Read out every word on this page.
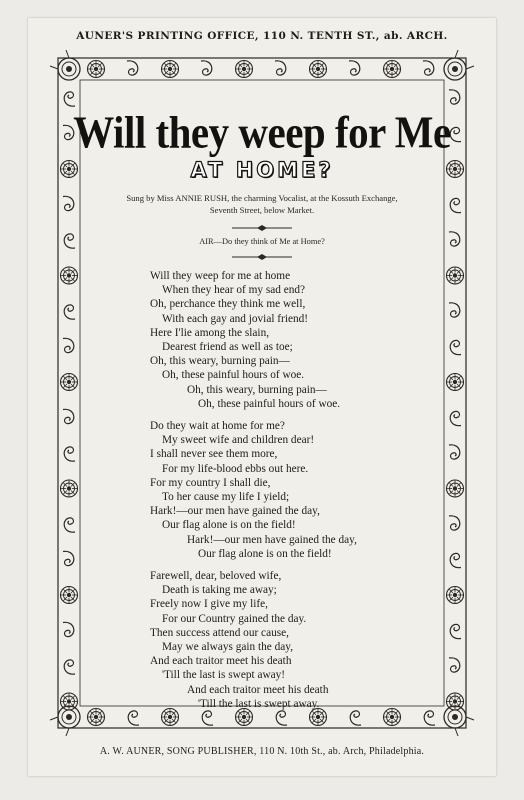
AUNER'S PRINTING OFFICE, 110 N. TENTH ST., ab. ARCH.
Will they weep for Me
AT HOME?
Sung by Miss ANNIE RUSH, the charming Vocalist, at the Kossuth Exchange,
Seventh Street, below Market.
AIR—Do they think of Me at Home?
Will they weep for me at home
When they hear of my sad end?
Oh, perchance they think me well,
With each gay and jovial friend!
Here I'lie among the slain,
Dearest friend as well as toe;
Oh, this weary, burning pain—
Oh, these painful hours of woe.
Oh, this weary, burning pain—
Oh, these painful hours of woe.
Do they wait at home for me?
My sweet wife and children dear!
I shall never see them more,
For my life-blood ebbs out here.
For my country I shall die,
To her cause my life I yield;
Hark!—our men have gained the day,
Our flag alone is on the field!
Hark!—our men have gained the day,
Our flag alone is on the field!
Farewell, dear, beloved wife,
Death is taking me away;
Freely now I give my life,
For our Country gained the day.
Then success attend our cause,
May we always gain the day,
And each traitor meet his death
'Till the last is swept away!
And each traitor meet his death
'Till the last is swept away.
A. W. AUNER, SONG PUBLISHER, 110 N. 10th St., ab. Arch, Philadelphia.
